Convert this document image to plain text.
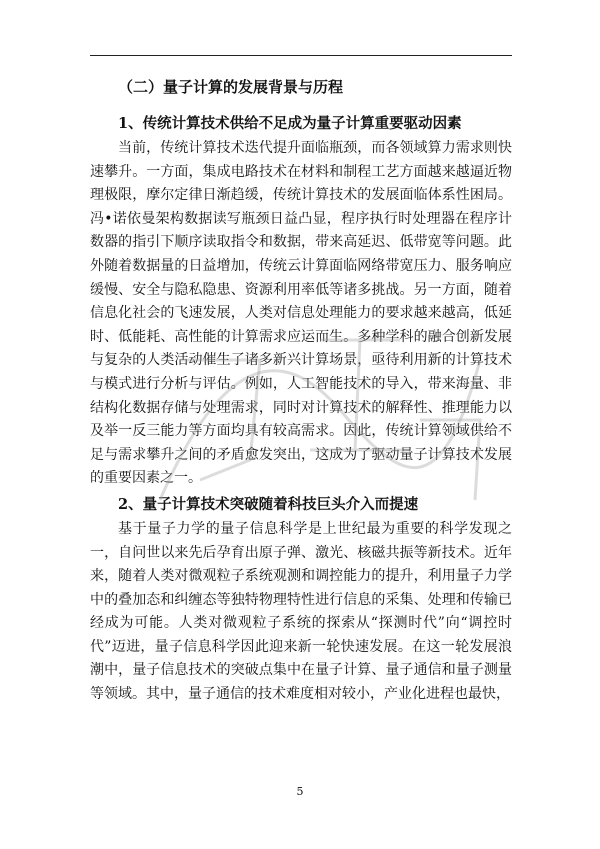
（二）量子计算的发展背景与历程
1、传统计算技术供给不足成为量子计算重要驱动因素

当前，传统计算技术迭代提升面临瓶颈，而各领域算力需求则快速攀升。一方面，集成电路技术在材料和制程工艺方面越来越逼近物理极限，摩尔定律日渐趋缓，传统计算技术的发展面临体系性困局。冯•诺依曼架构数据读写瓶颈日益凸显，程序执行时处理器在程序计数器的指引下顺序读取指令和数据，带来高延迟、低带宽等问题。此外随着数据量的日益增加，传统云计算面临网络带宽压力、服务响应缓慢、安全与隐私隐患、资源利用率低等诸多挑战。另一方面，随着信息化社会的飞速发展，人类对信息处理能力的要求越来越高，低延时、低能耗、高性能的计算需求应运而生。多种学科的融合创新发展与复杂的人类活动催生了诸多新兴计算场景，亟待利用新的计算技术与模式进行分析与评估。例如，人工智能技术的导入，带来海量、非结构化数据存储与处理需求，同时对计算技术的解释性、推理能力以及举一反三能力等方面均具有较高需求。因此，传统计算领域供给不足与需求攀升之间的矛盾愈发突出，这成为了驱动量子计算技术发展的重要因素之一。

2、量子计算技术突破随着科技巨头介入而提速

基于量子力学的量子信息科学是上世纪最为重要的科学发现之一，自问世以来先后孕育出原子弹、激光、核磁共振等新技术。近年来，随着人类对微观粒子系统观测和调控能力的提升，利用量子力学中的叠加态和纠缠态等独特物理特性进行信息的采集、处理和传输已经成为可能。人类对微观粒子系统的探索从“探测时代”向“调控时代”迈进，量子信息科学因此迎来新一轮快速发展。在这一轮发展浪潮中，量子信息技术的突破点集中在量子计算、量子通信和量子测量等领域。其中，量子通信的技术难度相对较小，产业化进程也最快，

5
